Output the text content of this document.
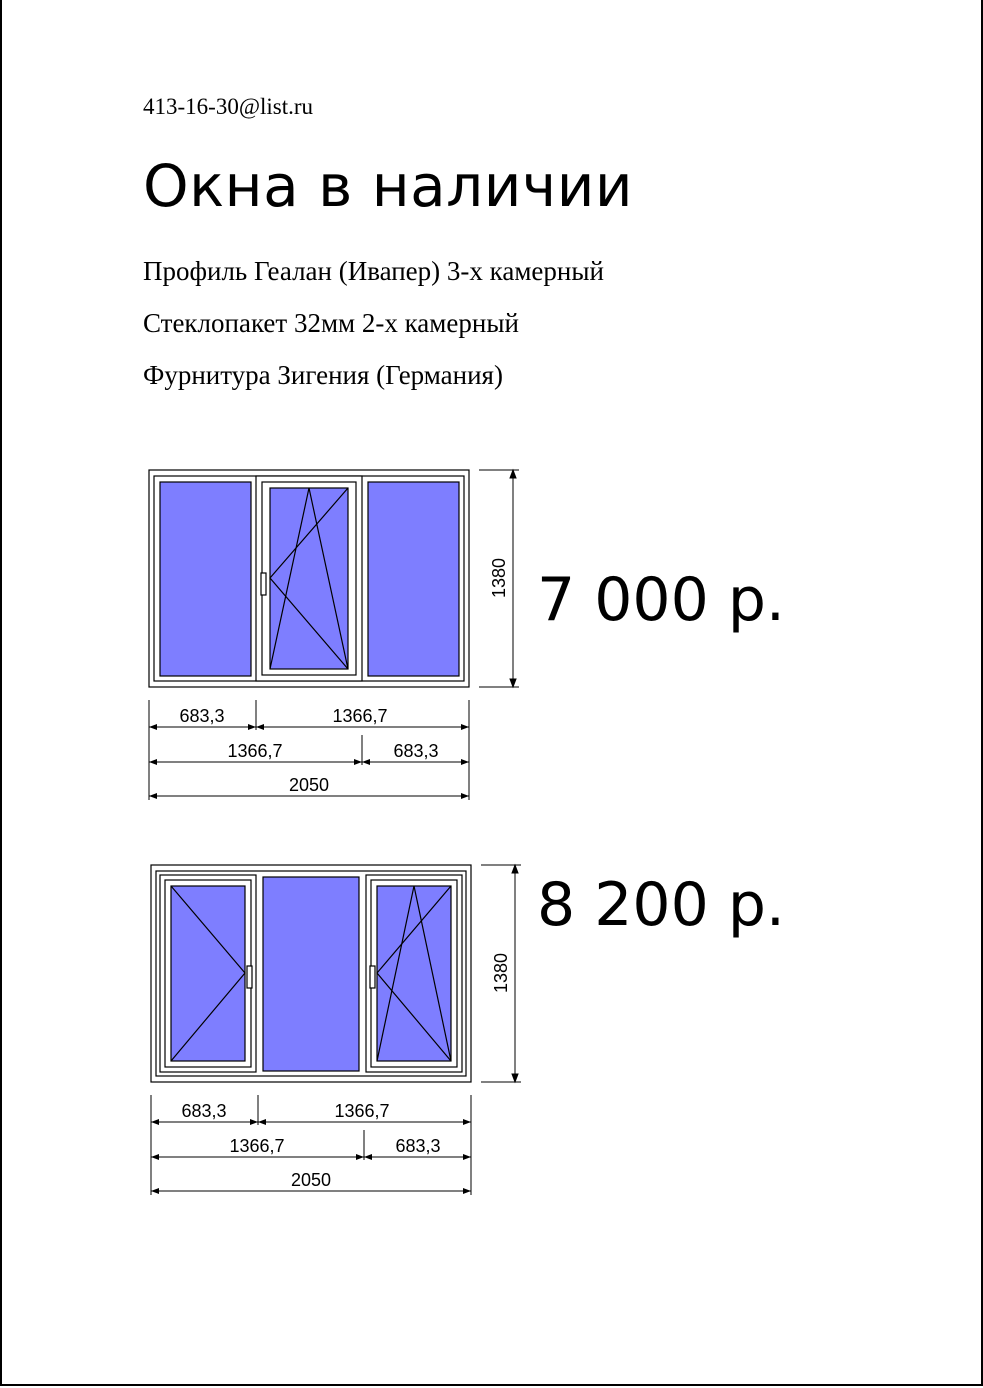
413-16-30@list.ru
Окна в наличии
Профиль Геалан (Ивапер) 3-х камерный
Стеклопакет 32мм 2-х камерный
Фурнитура Зигения (Германия)
1380
683,3	1366,7
1366,7	683,3
2050
7 000 р.
1380
683,3	1366,7
1366,7	683,3
2050
8 200 р.
